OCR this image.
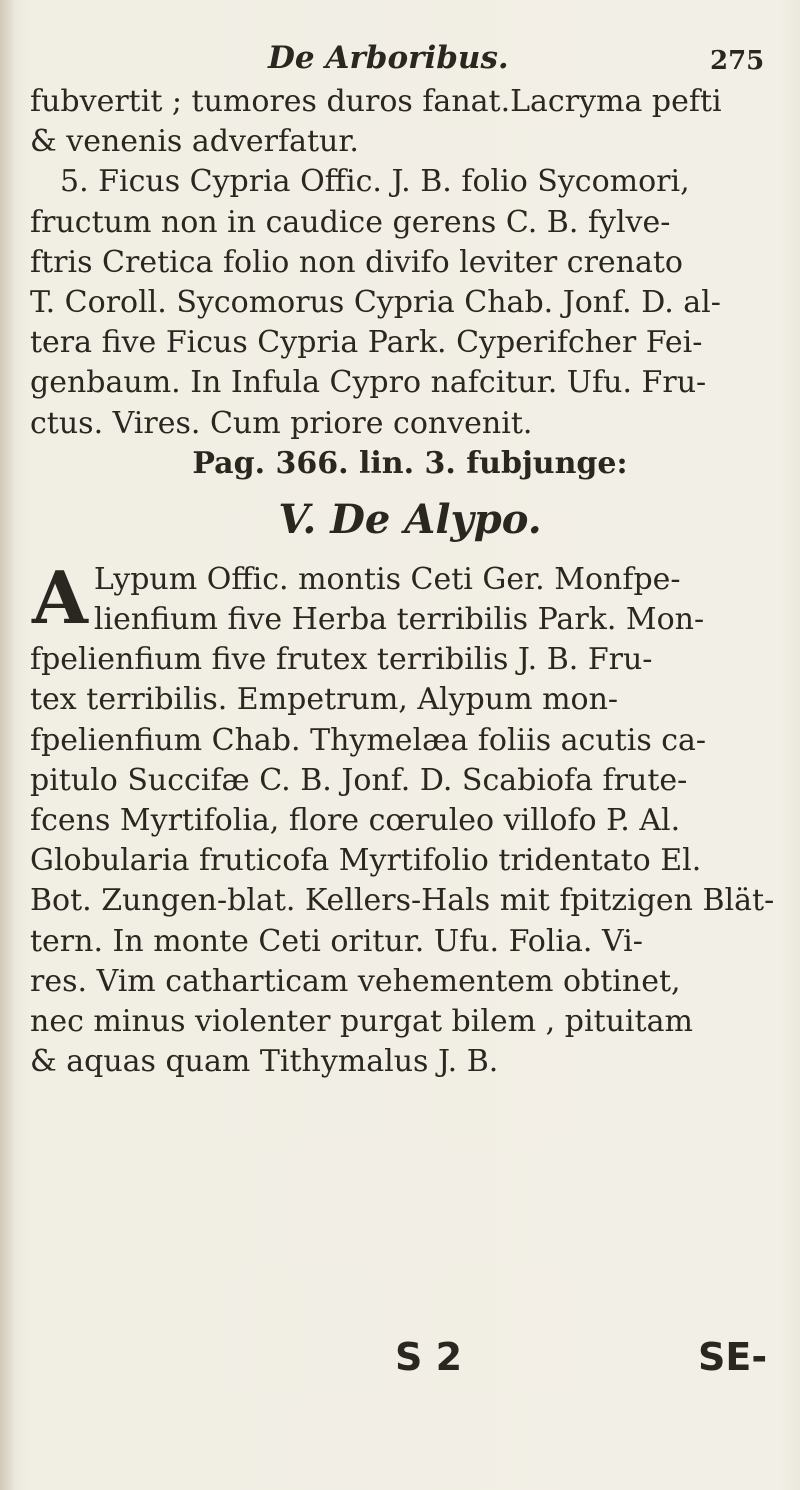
De Arboribus.	275
fubvertit ; tumores duros fanat.Lacryma pefti
& venenis adverfatur.
5. Ficus Cypria Offic. J. B. folio Sycomori,
fructum non in caudice gerens C. B. fylve-
ftris Cretica folio non divifo leviter crenato
T. Coroll. Sycomorus Cypria Chab. Jonf. D. al-
tera five Ficus Cypria Park. Cyperifcher Fei-
genbaum. In Infula Cypro nafcitur. Ufu. Fru-
ctus. Vires. Cum priore convenit.
Pag. 366. lin. 3. fubjunge:
V. De Alypo.
A Lypum Offic. montis Ceti Ger. Monfpe-
lienfium five Herba terribilis Park. Mon-
fpelienfium five frutex terribilis J. B. Fru-
tex terribilis. Empetrum, Alypum mon-
fpelienfium Chab. Thymelæa foliis acutis ca-
pitulo Succifæ C. B. Jonf. D. Scabiofa frute-
fcens Myrtifolia, flore cœruleo villofo P. Al.
Globularia fruticofa Myrtifolio tridentato El.
Bot. Zungen-blat. Kellers-Hals mit fpitzigen Blät-
tern. In monte Ceti oritur. Ufu. Folia. Vi-
res. Vim catharticam vehementem obtinet,
nec minus violenter purgat bilem , pituitam
& aquas quam Tithymalus J. B.
S 2	SE-
